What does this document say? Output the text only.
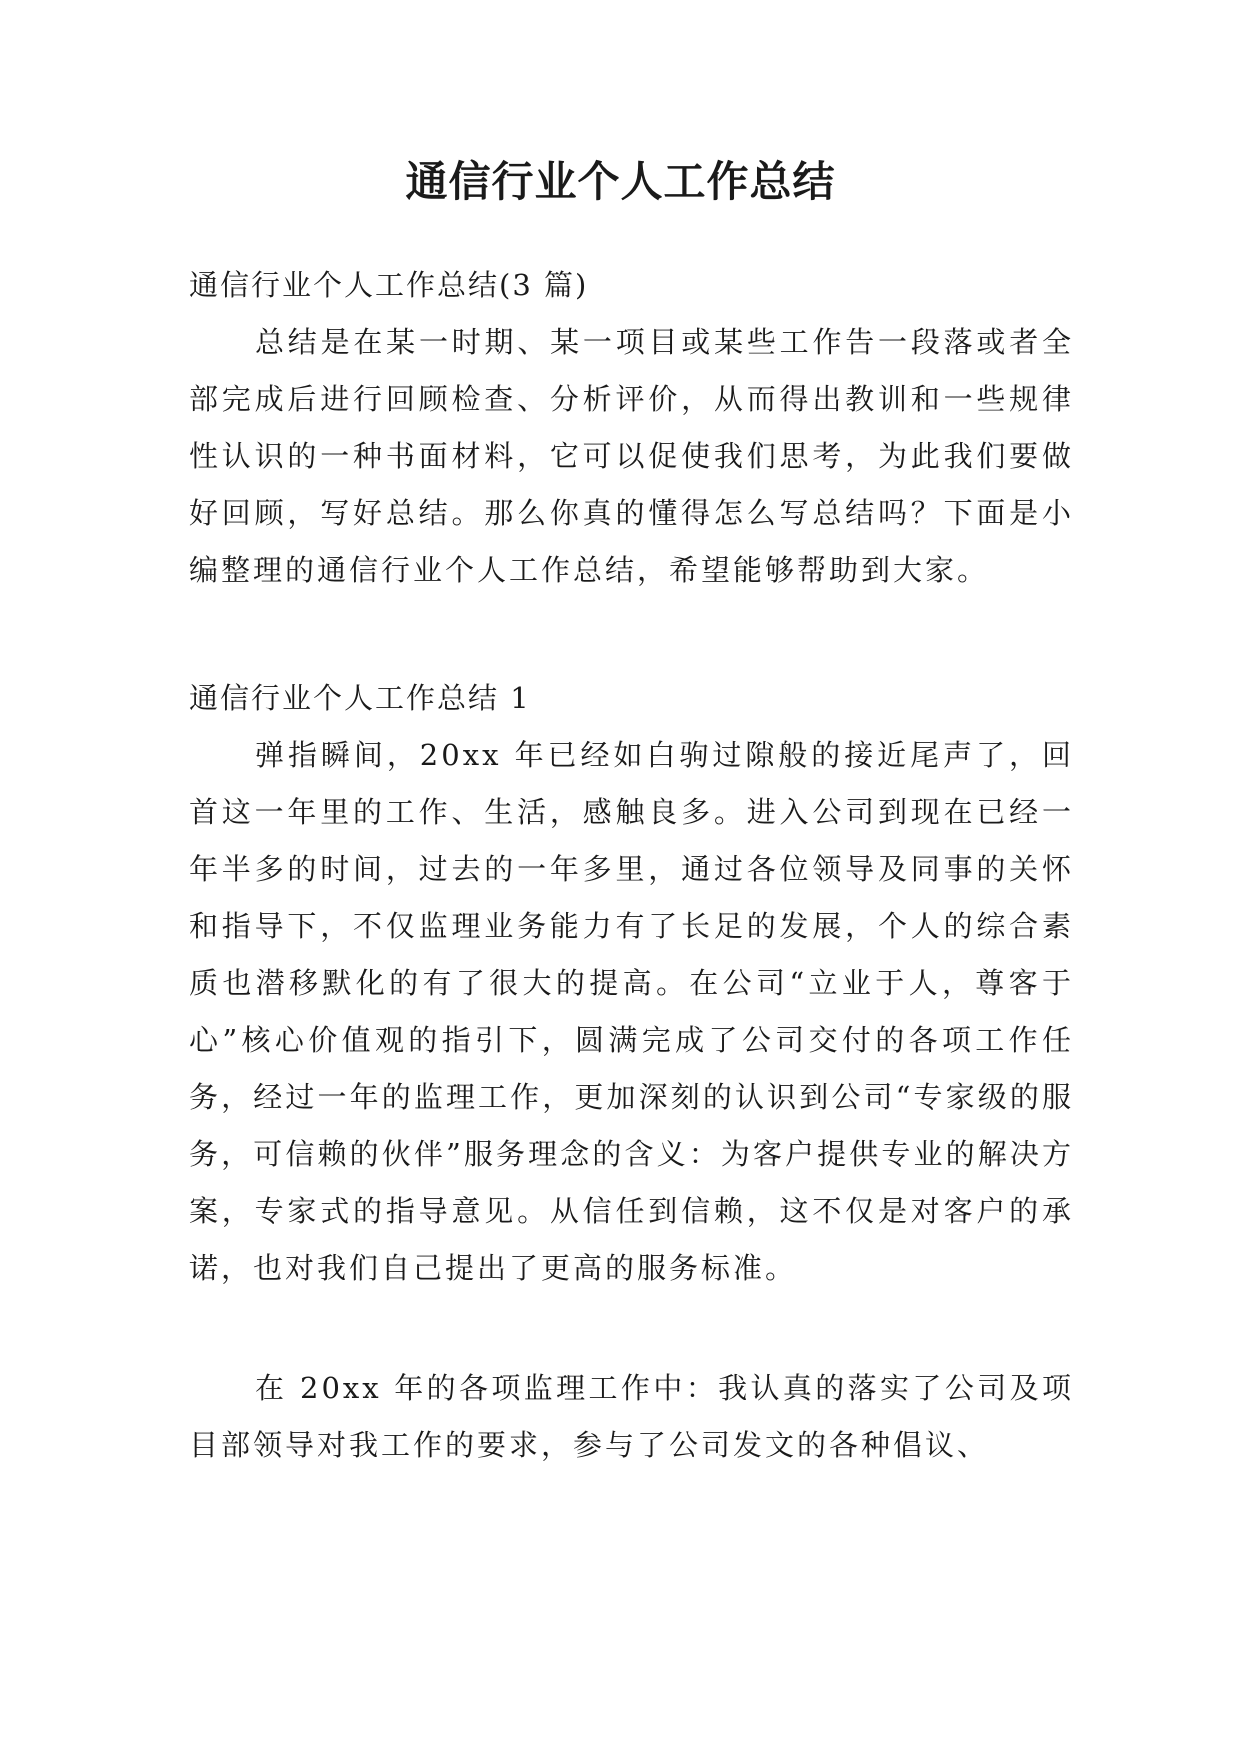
通信行业个人工作总结

通信行业个人工作总结(3 篇)

总结是在某一时期、某一项目或某些工作告一段落或者全部完成后进行回顾检查、分析评价，从而得出教训和一些规律性认识的一种书面材料，它可以促使我们思考，为此我们要做好回顾，写好总结。那么你真的懂得怎么写总结吗？下面是小编整理的通信行业个人工作总结，希望能够帮助到大家。

通信行业个人工作总结 1

弹指瞬间，20xx 年已经如白驹过隙般的接近尾声了，回首这一年里的工作、生活，感触良多。进入公司到现在已经一年半多的时间，过去的一年多里，通过各位领导及同事的关怀和指导下，不仅监理业务能力有了长足的发展，个人的综合素质也潜移默化的有了很大的提高。在公司“立业于人，尊客于心”核心价值观的指引下，圆满完成了公司交付的各项工作任务，经过一年的监理工作，更加深刻的认识到公司“专家级的服务，可信赖的伙伴”服务理念的含义：为客户提供专业的解决方案，专家式的指导意见。从信任到信赖，这不仅是对客户的承诺，也对我们自己提出了更高的服务标准。

在 20xx 年的各项监理工作中：我认真的落实了公司及项目部领导对我工作的要求，参与了公司发文的各种倡议、
